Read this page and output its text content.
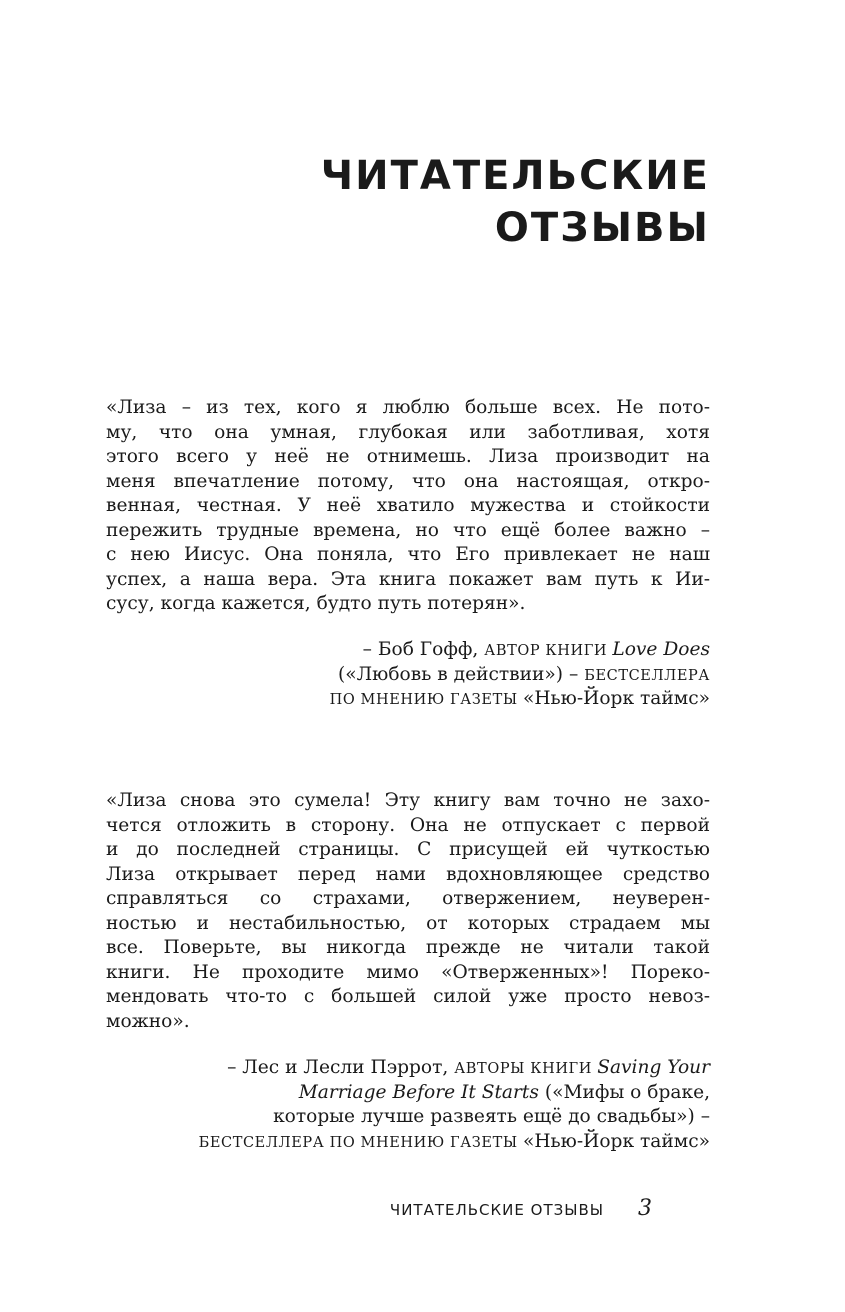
ЧИТАТЕЛЬСКИЕ ОТЗЫВЫ
«Лиза – из тех, кого я люблю больше всех. Не пото-
му, что она умная, глубокая или заботливая, хотя
этого всего у неё не отнимешь. Лиза производит на
меня впечатление потому, что она настоящая, откро-
венная, честная. У неё хватило мужества и стойкости
пережить трудные времена, но что ещё более важно –
с нею Иисус. Она поняла, что Его привлекает не наш
успех, а наша вера. Эта книга покажет вам путь к Ии-
сусу, когда кажется, будто путь потерян».
– Боб Гофф, АВТОР КНИГИ Love Does
(«Любовь в действии») – БЕСТСЕЛЛЕРА
ПО МНЕНИЮ ГАЗЕТЫ «Нью-Йорк таймс»
«Лиза снова это сумела! Эту книгу вам точно не захо-
чется отложить в сторону. Она не отпускает с первой
и до последней страницы. С присущей ей чуткостью
Лиза открывает перед нами вдохновляющее средство
справляться со страхами, отвержением, неуверен-
ностью и нестабильностью, от которых страдаем мы
все. Поверьте, вы никогда прежде не читали такой
книги. Не проходите мимо «Отверженных»! Пореко-
мендовать что-то с большей силой уже просто невоз-
можно».
– Лес и Лесли Пэррот, АВТОРЫ КНИГИ Saving Your
Marriage Before It Starts («Мифы о браке,
которые лучше развеять ещё до свадьбы») –
БЕСТСЕЛЛЕРА ПО МНЕНИЮ ГАЗЕТЫ «Нью-Йорк таймс»
ЧИТАТЕЛЬСКИЕ ОТЗЫВЫ 3
